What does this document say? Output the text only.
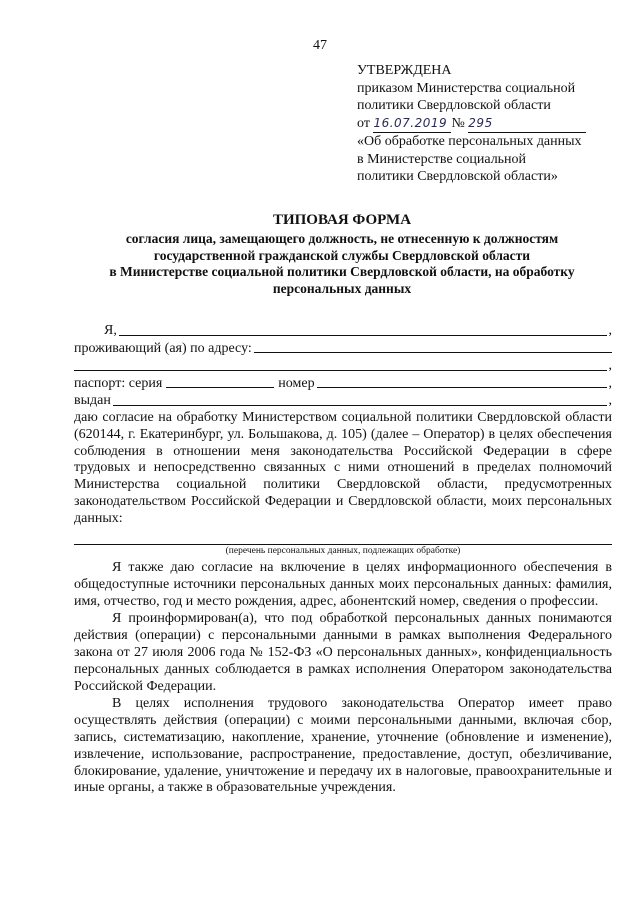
47
УТВЕРЖДЕНА
приказом Министерства социальной
политики Свердловской области
от 16.07.2019 № 295
«Об обработке персональных данных
в Министерстве социальной
политики Свердловской области»
ТИПОВАЯ ФОРМА
согласия лица, замещающего должность, не отнесенную к должностям
государственной гражданской службы Свердловской области
в Министерстве социальной политики Свердловской области, на обработку
персональных данных
Я,	,
проживающий (ая) по адресу:
,
паспорт: серия	номер	,
выдан	,

даю согласие на обработку Министерством социальной политики Свердловской области (620144, г. Екатеринбург, ул. Большакова, д. 105) (далее – Оператор) в целях обеспечения соблюдения в отношении меня законодательства Российской Федерации в сфере трудовых и непосредственно связанных с ними отношений в пределах полномочий Министерства социальной политики Свердловской области, предусмотренных законодательством Российской Федерации и Свердловской области, моих персональных данных:

(перечень персональных данных, подлежащих обработке)

Я также даю согласие на включение в целях информационного обеспечения в общедоступные источники персональных данных моих персональных данных: фамилия, имя, отчество, год и место рождения, адрес, абонентский номер, сведения о профессии.

Я проинформирован(а), что под обработкой персональных данных понимаются действия (операции) с персональными данными в рамках выполнения Федерального закона от 27 июля 2006 года № 152-ФЗ «О персональных данных», конфиденциальность персональных данных соблюдается в рамках исполнения Оператором законодательства Российской Федерации.

В целях исполнения трудового законодательства Оператор имеет право осуществлять действия (операции) с моими персональными данными, включая сбор, запись, систематизацию, накопление, хранение, уточнение (обновление и изменение), извлечение, использование, распространение, предоставление, доступ, обезличивание, блокирование, удаление, уничтожение и передачу их в налоговые, правоохранительные и иные органы, а также в образовательные учреждения.
